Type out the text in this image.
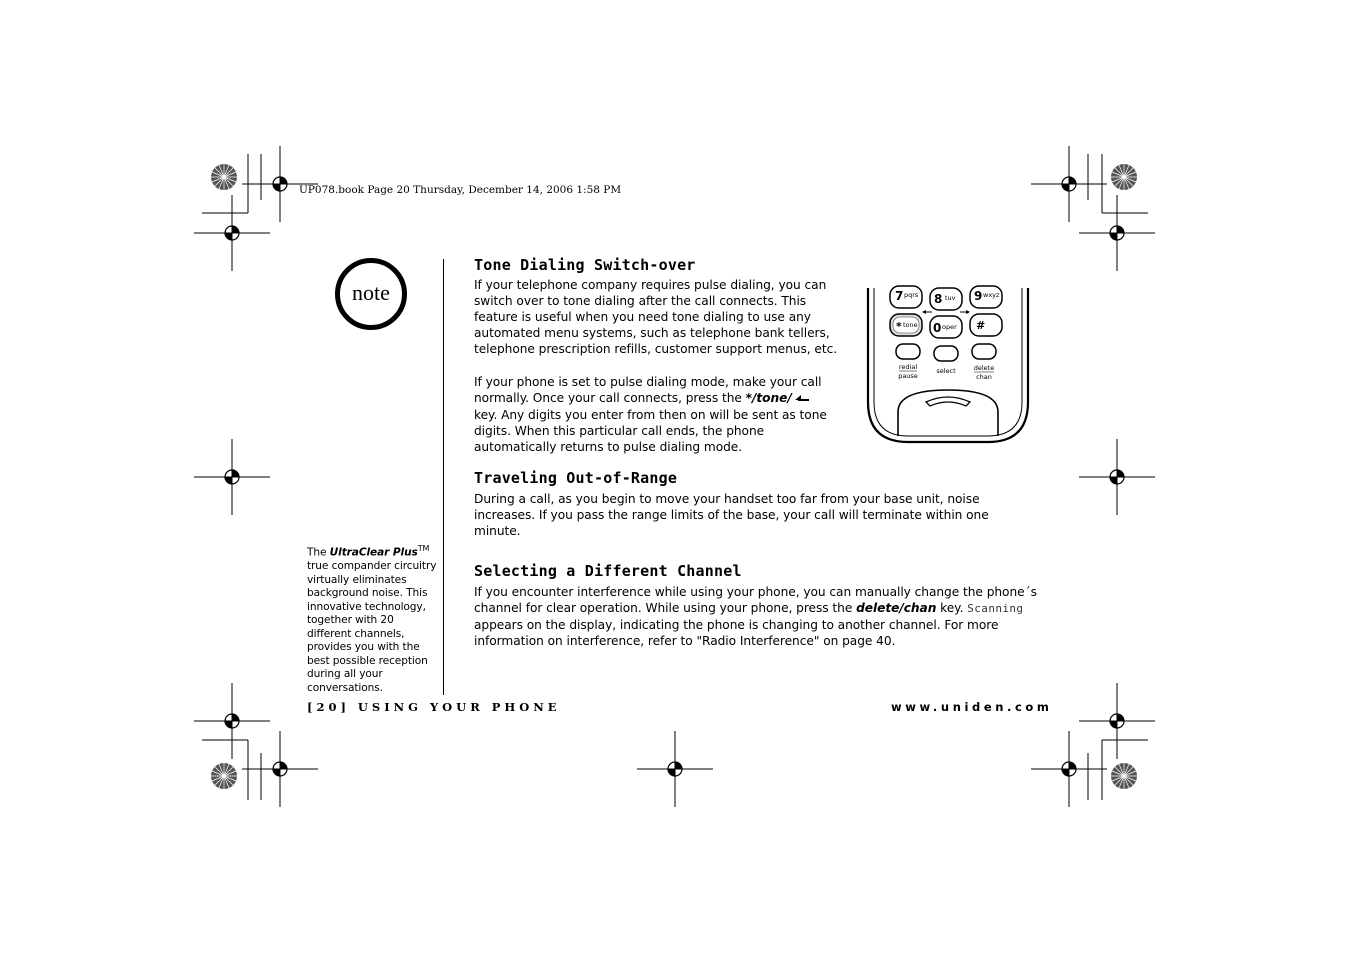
UP078.book Page 20 Thursday, December 14, 2006 1:58 PM
note
The UltraClear Plus™
true compander circuitry
virtually eliminates
background noise. This
innovative technology,
together with 20
different channels,
provides you with the
best possible reception
during all your
conversations.
Tone Dialing Switch-over
If your telephone company requires pulse dialing, you can
switch over to tone dialing after the call connects. This
feature is useful when you need tone dialing to use any
automated menu systems, such as telephone bank tellers,
telephone prescription refills, customer support menus, etc.
If your phone is set to pulse dialing mode, make your call
normally. Once your call connects, press the */tone/
key. Any digits you enter from then on will be sent as tone
digits. When this particular call ends, the phone
automatically returns to pulse dialing mode.
7 pqrs 8 tuv 9 wxyz
* tone 0 oper #
redial
pause
select	delete
chan
Traveling Out-of-Range
During a call, as you begin to move your handset too far from your base unit, noise
increases. If you pass the range limits of the base, your call will terminate within one
minute.
Selecting a Different Channel
If you encounter interference while using your phone, you can manually change the phone´s
channel for clear operation. While using your phone, press the delete/chan key. Scanning
appears on the display, indicating the phone is changing to another channel. For more
information on interference, refer to "Radio Interference" on page 40.
[20] USING YOUR PHONE	www.uniden.com
